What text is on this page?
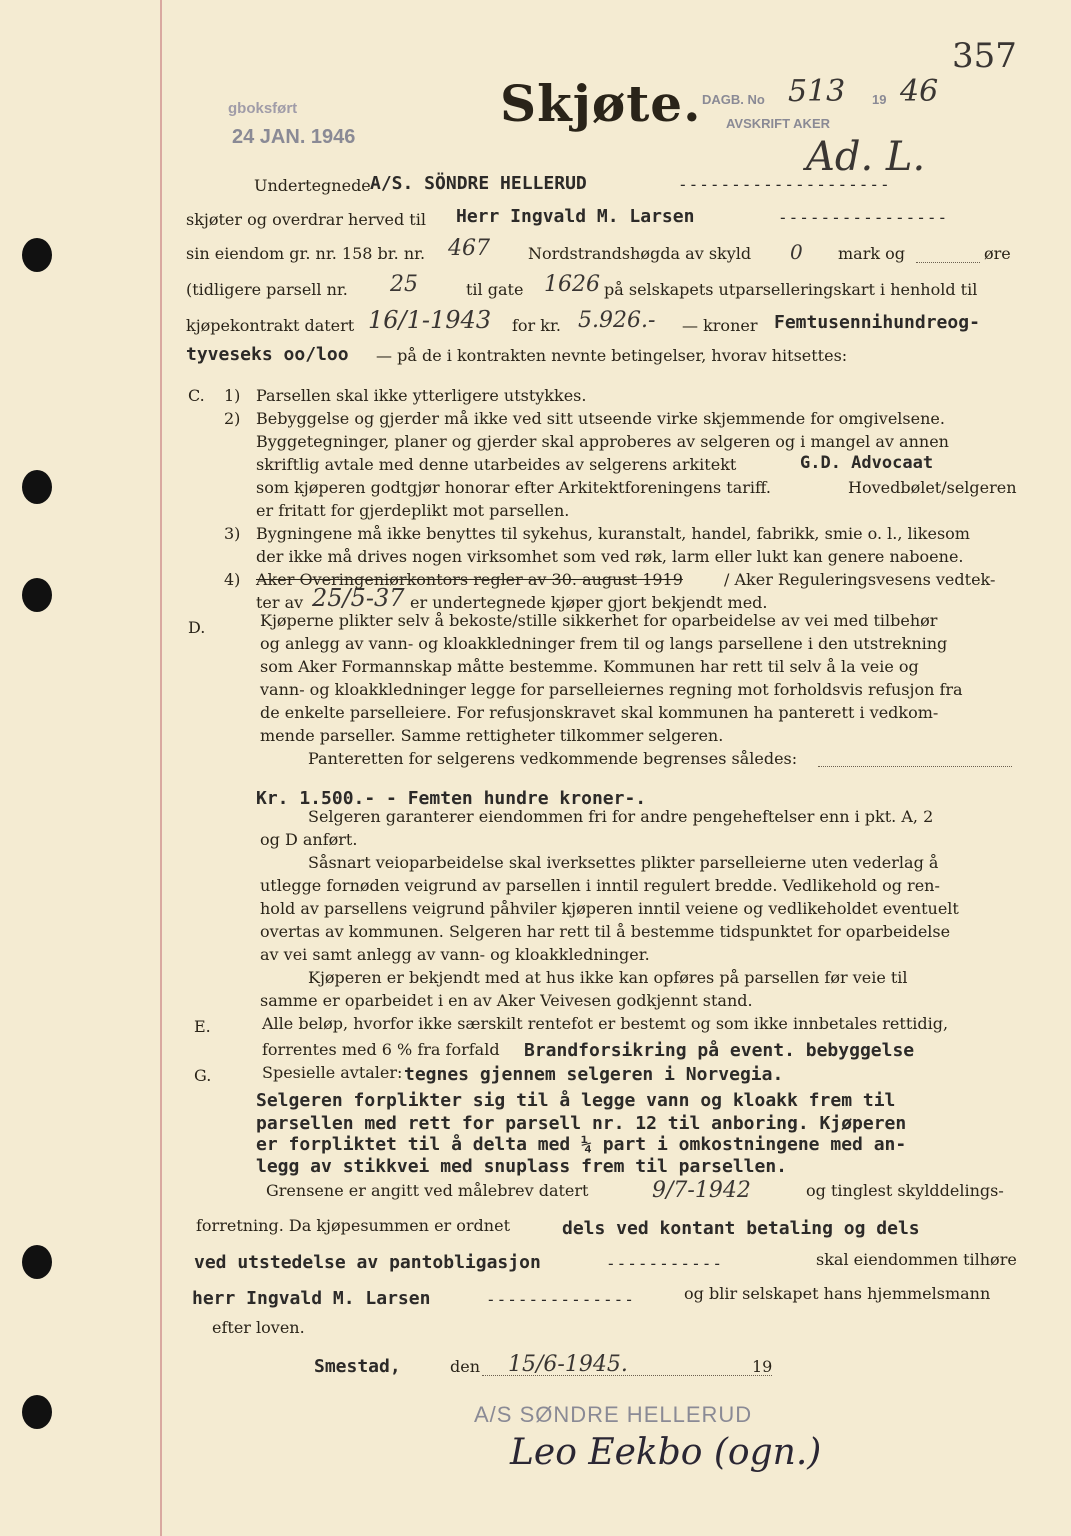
357
Skjøte.
gboksført
24 JAN. 1946
DAGB. No 513 19 46
AVSKRIFT AKER
Ad. L.
Undertegnede A/S. SÖNDRE HELLERUD	--------------------
skjøter og overdrar herved til Herr Ingvald M. Larsen	----------------
sin eiendom gr. nr. 158 br. nr. 467 Nordstrandshøgda av skyld 0 mark og	øre
(tidligere parsell nr. 25	til gate 1626 på selskapets utparselleringskart i henhold til
kjøpekontrakt datert 16/1-1943 for kr. 5.926.- — kroner Femtusennihundreog-
tyveseks oo/loo — på de i kontrakten nevnte betingelser, hvorav hitsettes:
C. 1) Parsellen skal ikke ytterligere utstykkes.
2) Bebyggelse og gjerder må ikke ved sitt utseende virke skjemmende for omgivelsene.
Byggetegninger, planer og gjerder skal approberes av selgeren og i mangel av annen
skriftlig avtale med denne utarbeides av selgerens arkitekt	G.D. Advocaat
som kjøperen godtgjør honorar efter Arkitektforeningens tariff.	Hovedbølet/selgeren
er fritatt for gjerdeplikt mot parsellen.
3) Bygningene må ikke benyttes til sykehus, kuranstalt, handel, fabrikk, smie o. l., likesom
der ikke må drives nogen virksomhet som ved røk, larm eller lukt kan genere naboene.
4) Aker Overingeniørkontors regler av 30. august 1919	/ Aker Reguleringsvesens vedtek-
ter av 25/5-37 er undertegnede kjøper gjort bekjendt med.
D.	Kjøperne plikter selv å bekoste/stille sikkerhet for oparbeidelse av vei med tilbehør
og anlegg av vann- og kloakkledninger frem til og langs parsellene i den utstrekning
som Aker Formannskap måtte bestemme. Kommunen har rett til selv å la veie og
vann- og kloakkledninger legge for parselleiernes regning mot forholdsvis refusjon fra
de enkelte parselleiere. For refusjonskravet skal kommunen ha panterett i vedkom-
mende parseller. Samme rettigheter tilkommer selgeren.
Panteretten for selgerens vedkommende begrenses således:
Kr. 1.500.- - Femten hundre kroner-.
Selgeren garanterer eiendommen fri for andre pengeheftelser enn i pkt. A, 2
og D anført.
Såsnart veioparbeidelse skal iverksettes plikter parselleierne uten vederlag å
utlegge fornøden veigrund av parsellen i inntil regulert bredde. Vedlikehold og ren-
hold av parsellens veigrund påhviler kjøperen inntil veiene og vedlikeholdet eventuelt
overtas av kommunen. Selgeren har rett til å bestemme tidspunktet for oparbeidelse
av vei samt anlegg av vann- og kloakkledninger.
Kjøperen er bekjendt med at hus ikke kan opføres på parsellen før veie til
samme er oparbeidet i en av Aker Veivesen godkjennt stand.
E.	Alle beløp, hvorfor ikke særskilt rentefot er bestemt og som ikke innbetales rettidig,
forrentes med 6 % fra forfald Brandforsikring på event. bebyggelse
G.	Spesielle avtaler: tegnes gjennem selgeren i Norvegia.
Selgeren forplikter sig til å legge vann og kloakk frem til
parsellen med rett for parsell nr. 12 til anboring. Kjøperen
er forpliktet til å delta med ¼ part i omkostningene med an-
legg av stikkvei med snuplass frem til parsellen.
Grensene er angitt ved målebrev datert	9/7-1942	og tinglest skylddelings-
forretning. Da kjøpesummen er ordnet	dels ved kontant betaling og dels
ved utstedelse av pantobligasjon	-----------	skal eiendommen tilhøre
herr Ingvald M. Larsen	--------------	og blir selskapet hans hjemmelsmann
efter loven.
Smestad,	den 15/6-1945.	19
A/S SØNDRE HELLERUD
Leo Eekbo (ogn.)
